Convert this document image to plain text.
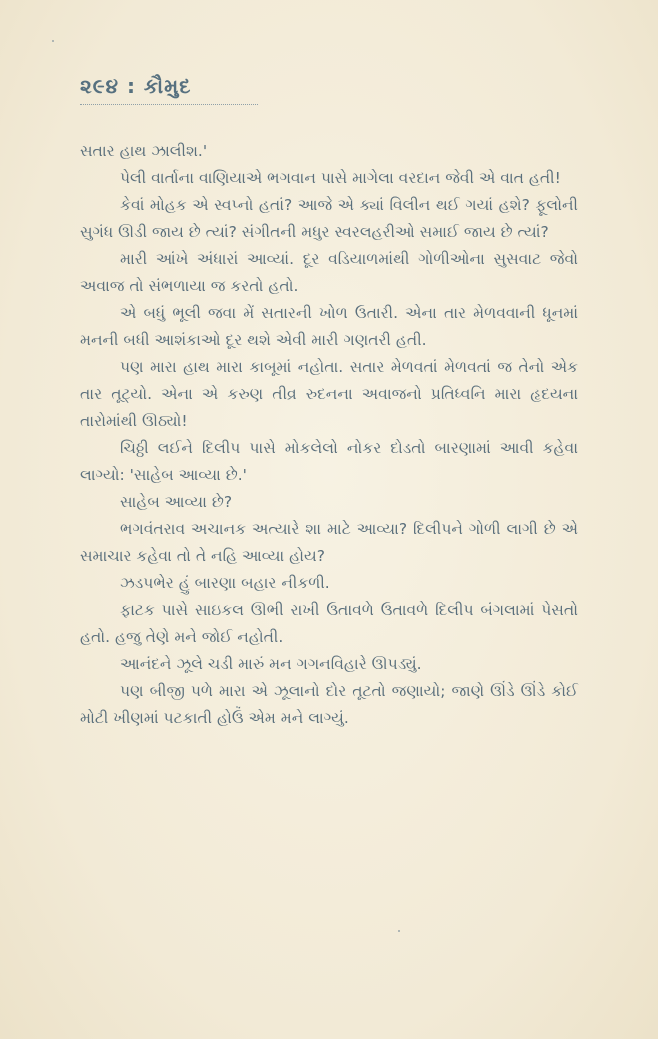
૨૯૪ : કૌમુદ

સતાર હાથ ઝાલીશ.'

પેલી વાર્તાના વાણિયાએ ભગવાન પાસે માગેલા વરદાન જેવી એ વાત હતી!

કેવાં મોહક એ સ્વપ્નો હતાં? આજે એ ક્યાં વિલીન થઈ ગયાં હશે? ફૂલોની સુગંધ ઊડી જાય છે ત્યાં? સંગીતની મધુર સ્વરલહરીઓ સમાઈ જાય છે ત્યાં?

મારી આંખે અંધારાં આવ્યાં. દૂર વડિયાળમાંથી ગોળીઓના સુસવાટ જેવો અવાજ તો સંભળાયા જ કરતો હતો.

એ બધું ભૂલી જવા મેં સતારની ખોળ ઉતારી. એના તાર મેળવવાની ધૂનમાં મનની બધી આશંકાઓ દૂર થશે એવી મારી ગણતરી હતી.

પણ મારા હાથ મારા કાબૂમાં નહોતા. સતાર મેળવતાં મેળવતાં જ તેનો એક તાર તૂટ્યો. એના એ કરુણ તીવ્ર રુદનના અવાજનો પ્રતિધ્વનિ મારા હૃદયના તારોમાંથી ઊઠ્યો!

ચિઠ્ઠી લઈને દિલીપ પાસે મોકલેલો નોકર દોડતો બારણામાં આવી કહેવા લાગ્યો: 'સાહેબ આવ્યા છે.'

સાહેબ આવ્યા છે?

ભગવંતરાવ અચાનક અત્યારે શા માટે આવ્યા? દિલીપને ગોળી લાગી છે એ સમાચાર કહેવા તો તે નહિ આવ્યા હોય?

ઝડપભેર હું બારણા બહાર નીકળી.

ફાટક પાસે સાઇકલ ઊભી રાખી ઉતાવળે ઉતાવળે દિલીપ બંગલામાં પેસતો હતો. હજુ તેણે મને જોઈ નહોતી.

આનંદને ઝૂલે ચડી મારું મન ગગનવિહારે ઊપડ્યું.

પણ બીજી પળે મારા એ ઝૂલાનો દોર તૂટતો જણાયો; જાણે ઊંડે ઊંડે કોઈ મોટી ખીણમાં પટકાતી હોઉં એમ મને લાગ્યું.
